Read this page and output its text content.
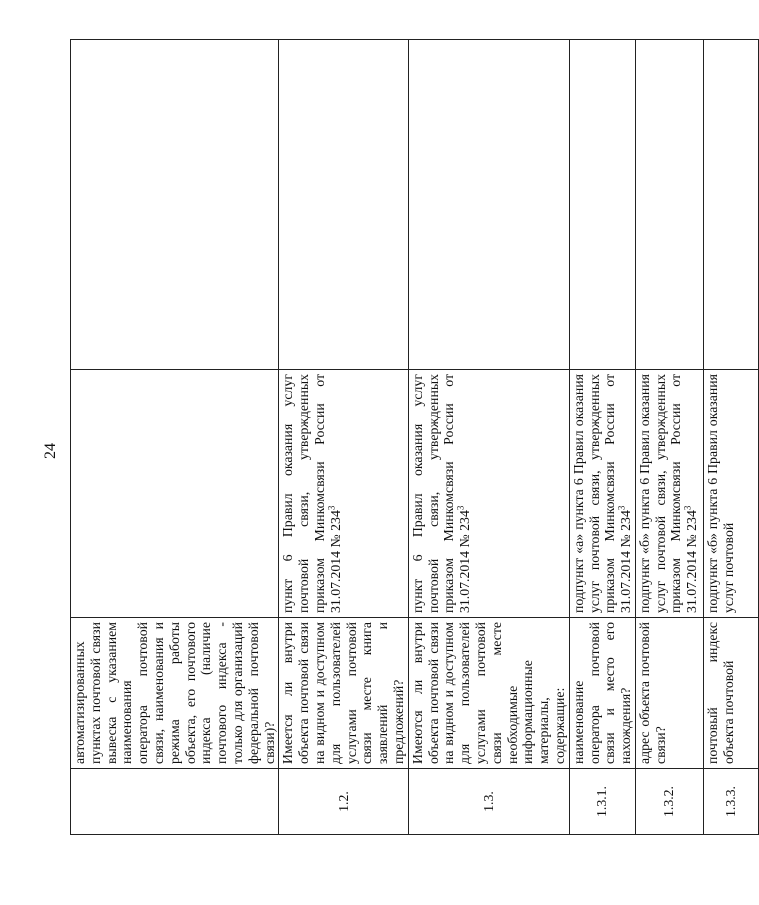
24
	автоматизированных пунктах почтовой связи вывеска с указанием наименования оператора почтовой связи, наименования и режима работы объекта, его почтового индекса (наличие почтового индекса - только для организаций федеральной почтовой связи)?		
1.2.	Имеется ли внутри объекта почтовой связи на видном и доступном для пользователей услугами почтовой связи месте книга заявлений и предложений?	пункт 6 Правил оказания услуг почтовой связи, утвержденных приказом Минкомсвязи России от 31.07.2014 № $234^3$	
1.3.	Имеются ли внутри объекта почтовой связи на видном и доступном для пользователей услугами почтовой связи месте необходимые информационные материалы, содержащие:	пункт 6 Правил оказания услуг почтовой связи, утвержденных приказом Минкомсвязи России от 31.07.2014 № $234^3$	
1.3.1.	наименование оператора почтовой связи и место его нахождения?	подпункт «а» пункта 6 Правил оказания услуг почтовой связи, утвержденных приказом Минкомсвязи России от 31.07.2014 № $234^3$	
1.3.2.	адрес объекта почтовой связи?	подпункт «б» пункта 6 Правил оказания услуг почтовой связи, утвержденных приказом Минкомсвязи России от 31.07.2014 № $234^3$	
1.3.3.	почтовый индекс объекта почтовой	подпункт «б» пункта 6 Правил оказания услуг почтовой	
